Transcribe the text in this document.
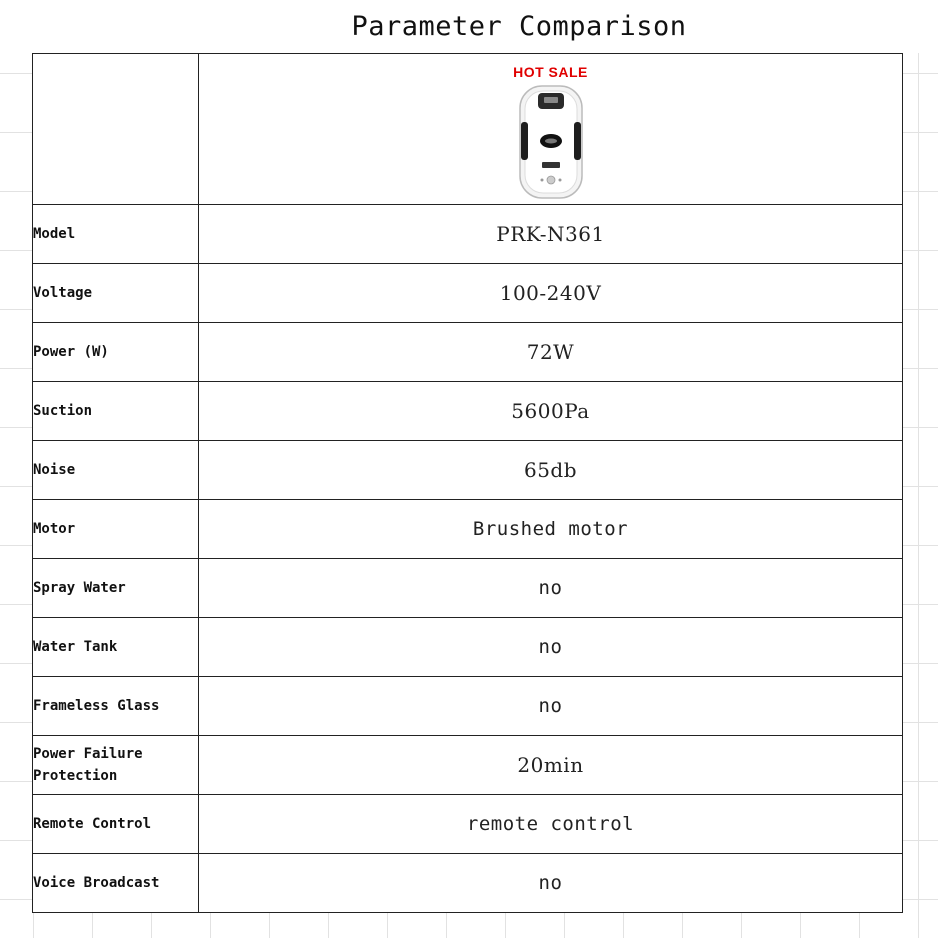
Parameter Comparison

	HOT SALE

Model	PRK-N361
Voltage	100-240V
Power (W)	72W
Suction	5600Pa
Noise	65db
Motor	Brushed motor
Spray Water	no
Water Tank	no
Frameless Glass	no
Power Failure Protection	20min
Remote Control	remote control
Voice Broadcast	no
